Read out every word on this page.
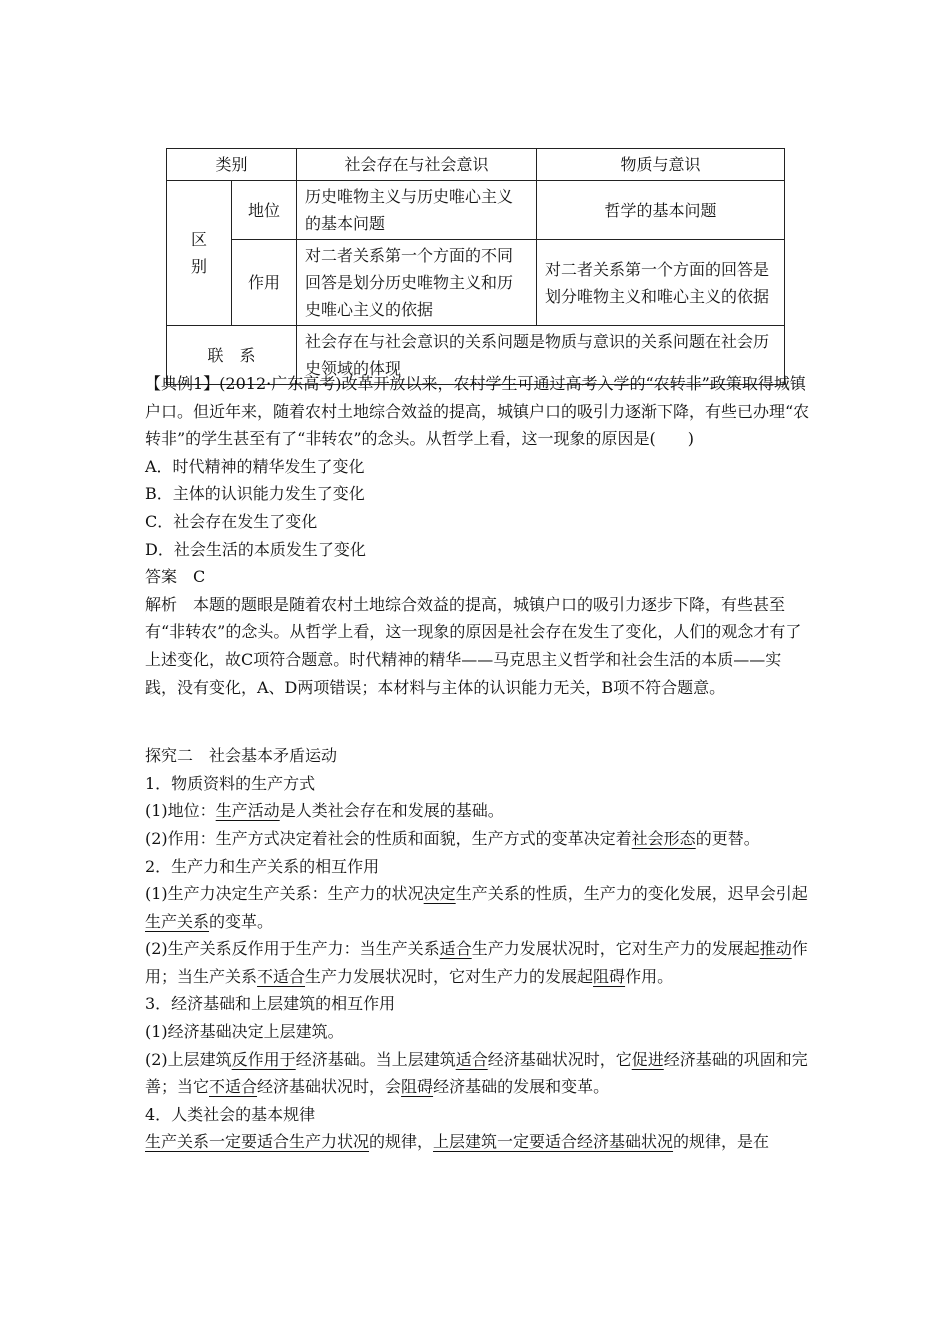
类别		社会存在与社会意识	物质与意识
区
别	地位	历史唯物主义与历史唯心主义的基本问题	哲学的基本问题
	作用	对二者关系第一个方面的不同回答是划分历史唯物主义和历史唯心主义的依据	对二者关系第一个方面的回答是划分唯物主义和唯心主义的依据
联　系		社会存在与社会意识的关系问题是物质与意识的关系问题在社会历史领域的体现	

【典例1】(2012·广东高考)改革开放以来，农村学生可通过高考入学的“农转非”政策取得城镇户口。但近年来，随着农村土地综合效益的提高，城镇户口的吸引力逐渐下降，有些已办理“农转非”的学生甚至有了“非转农”的念头。从哲学上看，这一现象的原因是(　　)

A．时代精神的精华发生了变化

B．主体的认识能力发生了变化

C．社会存在发生了变化

D．社会生活的本质发生了变化

答案　C

解析　本题的题眼是随着农村土地综合效益的提高，城镇户口的吸引力逐步下降，有些甚至有“非转农”的念头。从哲学上看，这一现象的原因是社会存在发生了变化，人们的观念才有了上述变化，故C项符合题意。时代精神的精华——马克思主义哲学和社会生活的本质——实践，没有变化，A、D两项错误；本材料与主体的认识能力无关，B项不符合题意。

探究二　社会基本矛盾运动

1．物质资料的生产方式

(1)地位：生产活动是人类社会存在和发展的基础。

(2)作用：生产方式决定着社会的性质和面貌，生产方式的变革决定着社会形态的更替。

2．生产力和生产关系的相互作用

(1)生产力决定生产关系：生产力的状况决定生产关系的性质，生产力的变化发展，迟早会引起生产关系的变革。

(2)生产关系反作用于生产力：当生产关系适合生产力发展状况时，它对生产力的发展起推动作用；当生产关系不适合生产力发展状况时，它对生产力的发展起阻碍作用。

3．经济基础和上层建筑的相互作用

(1)经济基础决定上层建筑。

(2)上层建筑反作用于经济基础。当上层建筑适合经济基础状况时，它促进经济基础的巩固和完善；当它不适合经济基础状况时，会阻碍经济基础的发展和变革。

4．人类社会的基本规律

生产关系一定要适合生产力状况的规律，上层建筑一定要适合经济基础状况的规律，是在
